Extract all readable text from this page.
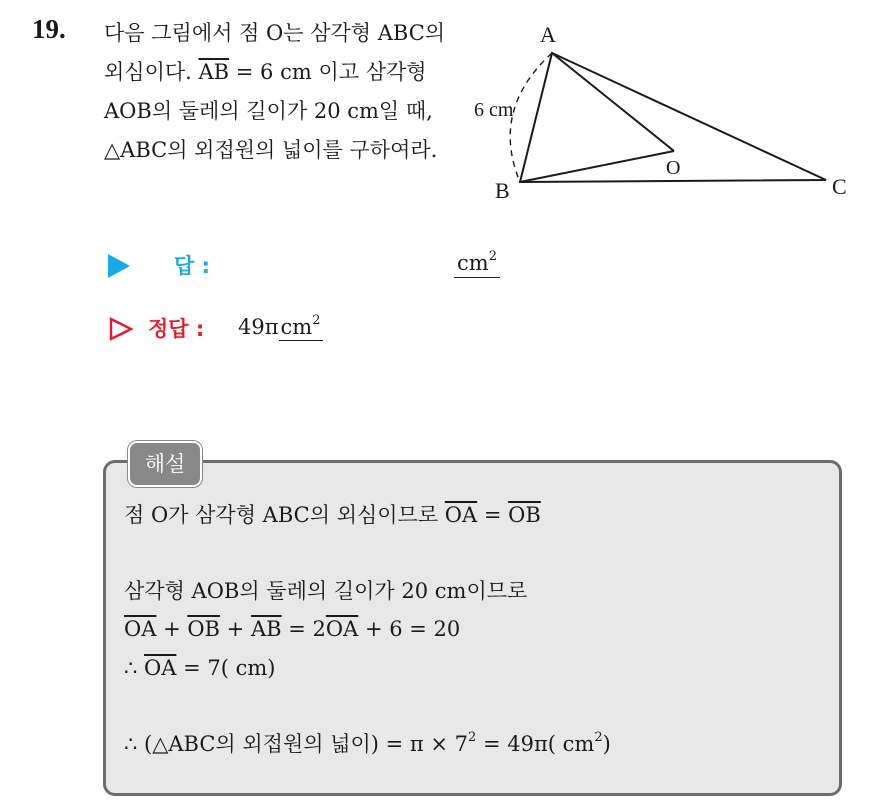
19. 다음 그림에서 점 O는 삼각형 ABC의 외심이다. $\overline{AB} = 6$ cm 이고 삼각형 AOB의 둘레의 길이가 20 cm일 때, △ABC의 외접원의 넓이를 구하여라.
A
B	C
O
6 cm
답 :	$cm^2$
정답 : 49πcm$^2$
해설
점 O가 삼각형 ABC의 외심이므로 $\overline{OA} = \overline{OB}$
삼각형 AOB의 둘레의 길이가 20 cm이므로
$\overline{OA} + \overline{OB} + \overline{AB} = 2\overline{OA} + 6 = 20$
∴ $\overline{OA} = 7$( cm)
∴ (△ABC의 외접원의 넓이) = $\pi \times 7^2 = 49\pi$( $cm^2$)
